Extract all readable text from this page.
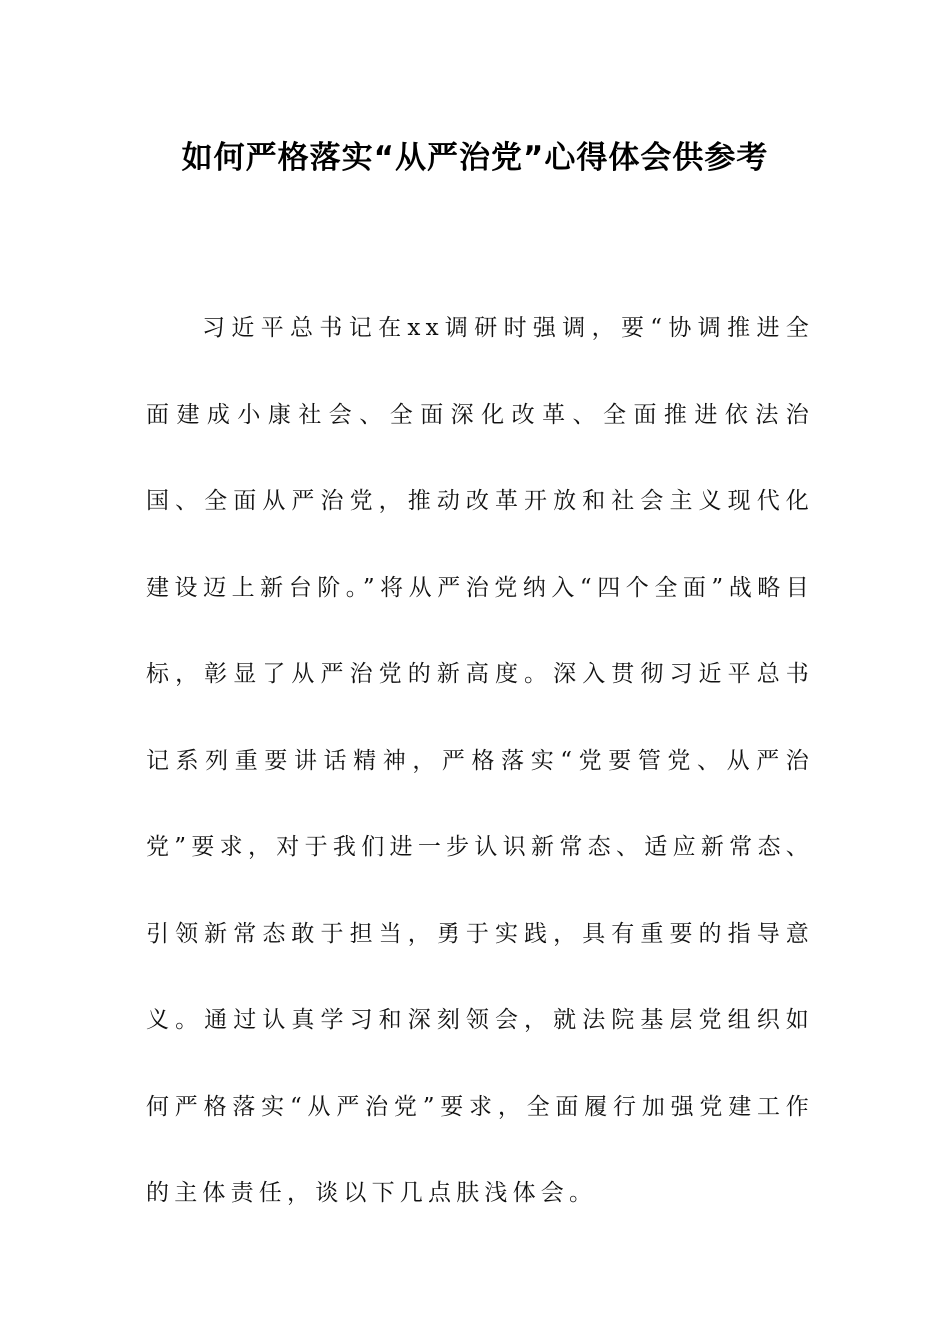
如何严格落实“从严治党”心得体会供参考

习近平总书记在xx调研时强调，要“协调推进全面建成小康社会、全面深化改革、全面推进依法治国、全面从严治党，推动改革开放和社会主义现代化建设迈上新台阶。”将从严治党纳入“四个全面”战略目标，彰显了从严治党的新高度。深入贯彻习近平总书记系列重要讲话精神，严格落实“党要管党、从严治党”要求，对于我们进一步认识新常态、适应新常态、引领新常态敢于担当，勇于实践，具有重要的指导意义。通过认真学习和深刻领会，就法院基层党组织如何严格落实“从严治党”要求，全面履行加强党建工作的主体责任，谈以下几点肤浅体会。
